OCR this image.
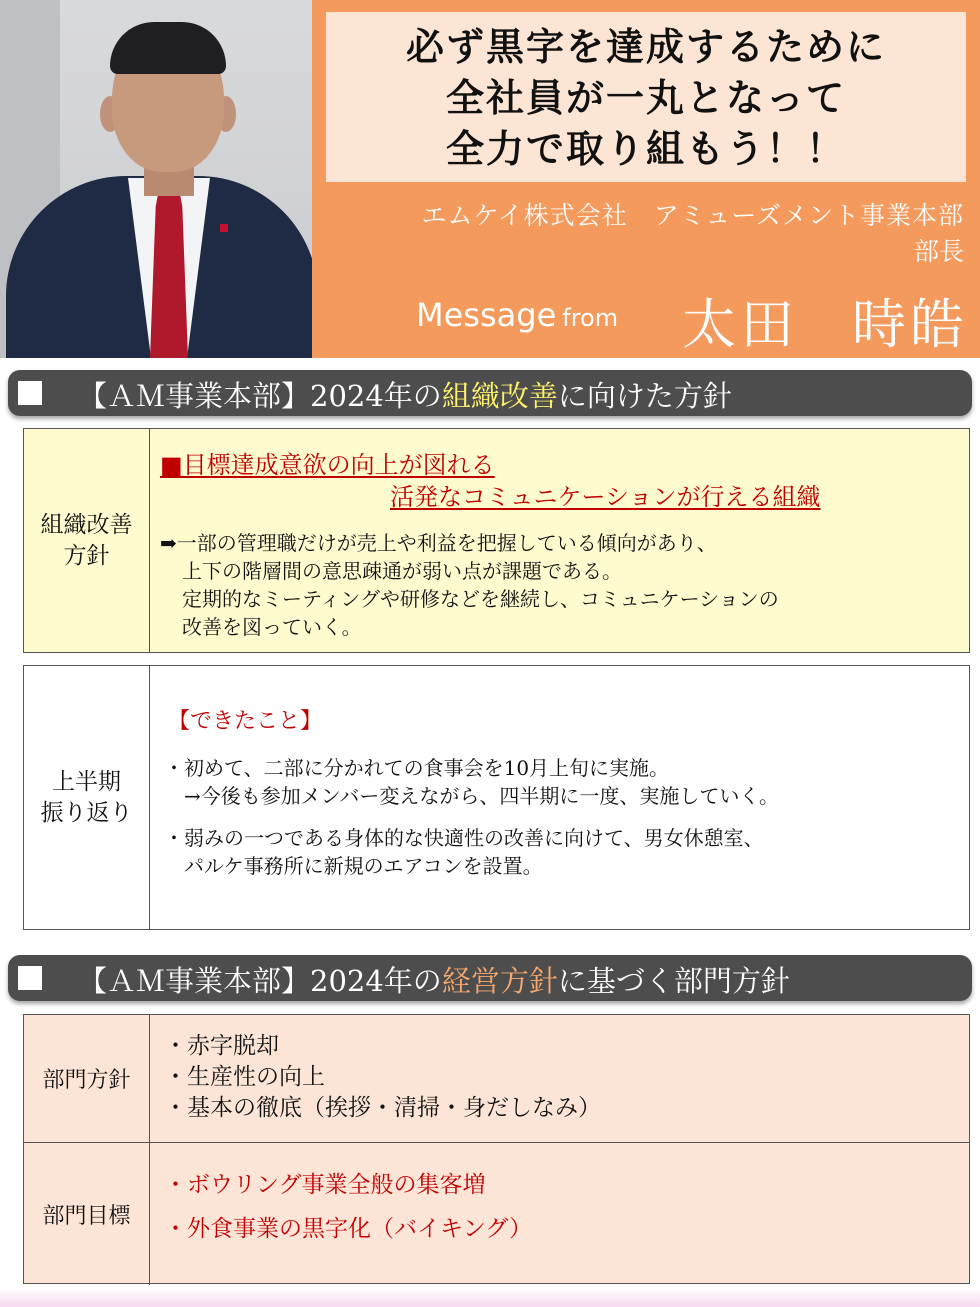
必ず黒字を達成するために
全社員が一丸となって
全力で取り組もう！！
エムケイ株式会社　アミューズメント事業本部
部長
Message from 太田 時皓
【ＡＭ事業本部】2024年の組織改善に向けた方針
組織改善
方針
■目標達成意欲の向上が図れる
活発なコミュニケーションが行える組織
➡一部の管理職だけが売上や利益を把握している傾向があり、
上下の階層間の意思疎通が弱い点が課題である。
定期的なミーティングや研修などを継続し、コミュニケーションの
改善を図っていく。
上半期
振り返り
【できたこと】
・初めて、二部に分かれての食事会を10月上旬に実施。
→今後も参加メンバー変えながら、四半期に一度、実施していく。
・弱みの一つである身体的な快適性の改善に向けて、男女休憩室、
パルケ事務所に新規のエアコンを設置。
【ＡＭ事業本部】2024年の経営方針に基づく部門方針
部門方針
・赤字脱却
・生産性の向上
・基本の徹底（挨拶・清掃・身だしなみ）
部門目標
・ボウリング事業全般の集客増
・外食事業の黒字化（バイキング）
